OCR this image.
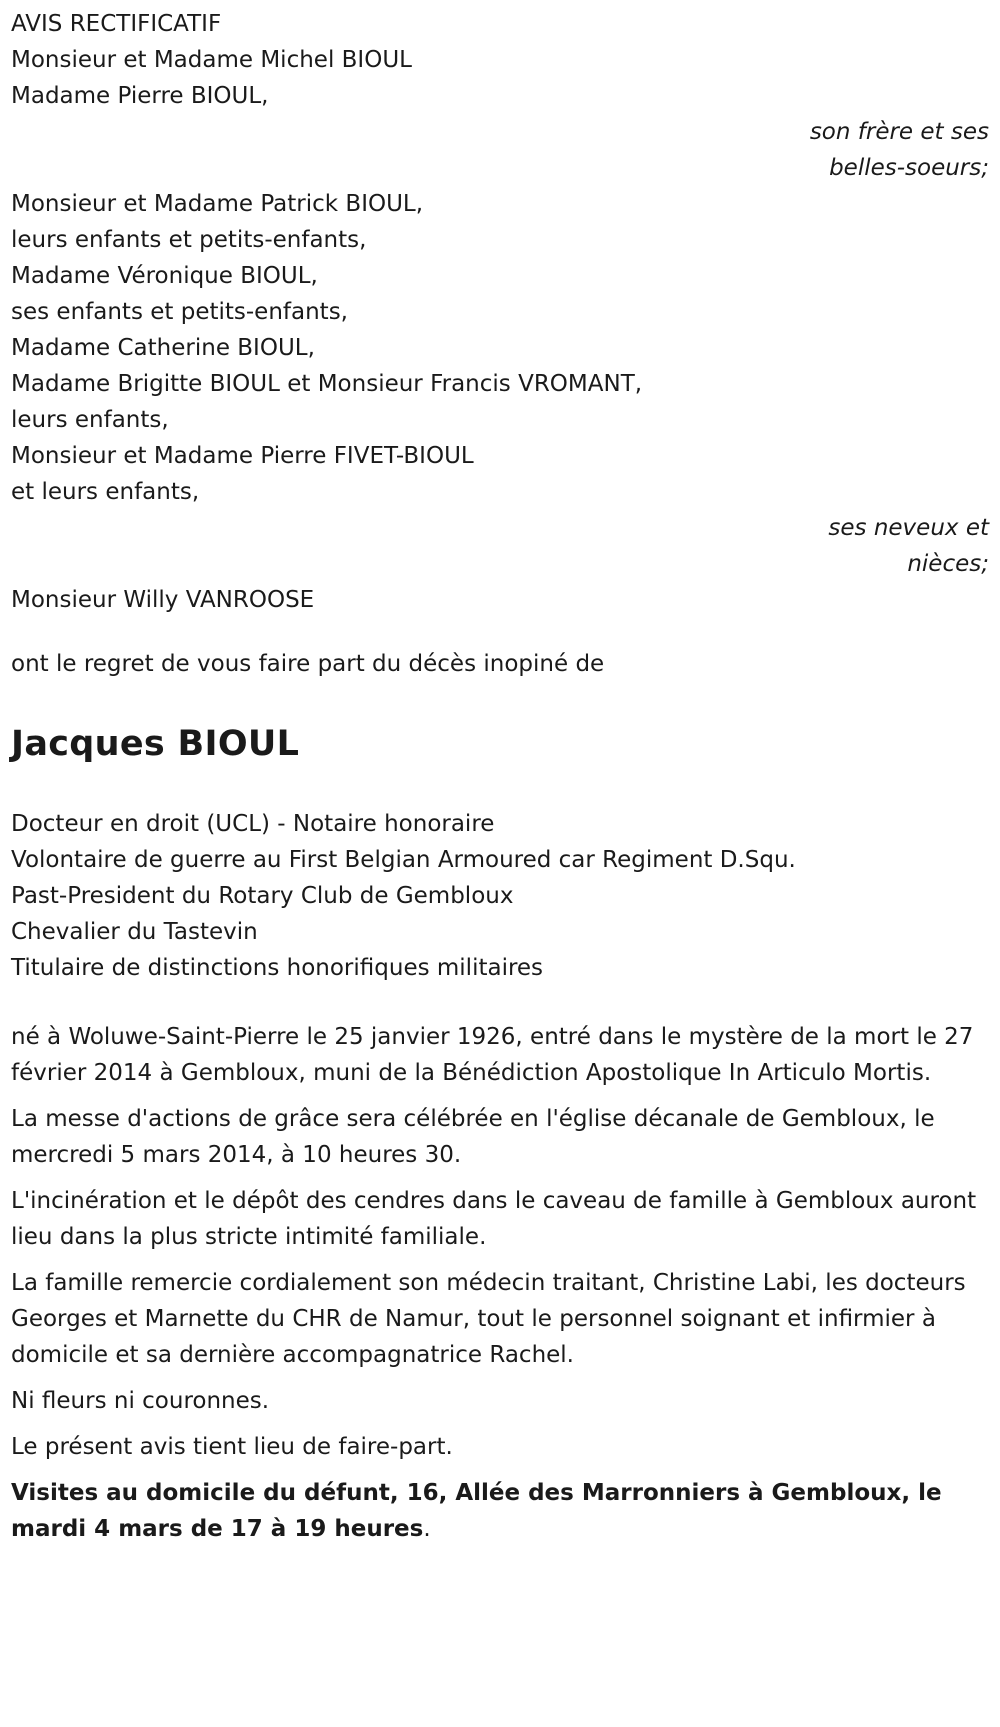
AVIS RECTIFICATIF
Monsieur et Madame Michel BIOUL
Madame Pierre BIOUL,
son frère et ses
belles-soeurs;
Monsieur et Madame Patrick BIOUL,
leurs enfants et petits-enfants,
Madame Véronique BIOUL,
ses enfants et petits-enfants,
Madame Catherine BIOUL,
Madame Brigitte BIOUL et Monsieur Francis VROMANT,
leurs enfants,
Monsieur et Madame Pierre FIVET-BIOUL
et leurs enfants,
ses neveux et
nièces;
Monsieur Willy VANROOSE
ont le regret de vous faire part du décès inopiné de
Jacques BIOUL
Docteur en droit (UCL) - Notaire honoraire
Volontaire de guerre au First Belgian Armoured car Regiment D.Squ.
Past-President du Rotary Club de Gembloux
Chevalier du Tastevin
Titulaire de distinctions honorifiques militaires

né à Woluwe-Saint-Pierre le 25 janvier 1926, entré dans le mystère de la mort le 27 février 2014 à Gembloux, muni de la Bénédiction Apostolique In Articulo Mortis.

La messe d'actions de grâce sera célébrée en l'église décanale de Gembloux, le mercredi 5 mars 2014, à 10 heures 30.

L'incinération et le dépôt des cendres dans le caveau de famille à Gembloux auront lieu dans la plus stricte intimité familiale.

La famille remercie cordialement son médecin traitant, Christine Labi, les docteurs Georges et Marnette du CHR de Namur, tout le personnel soignant et infirmier à domicile et sa dernière accompagnatrice Rachel.

Ni fleurs ni couronnes.

Le présent avis tient lieu de faire-part.

Visites au domicile du défunt, 16, Allée des Marronniers à Gembloux, le mardi 4 mars de 17 à 19 heures.
